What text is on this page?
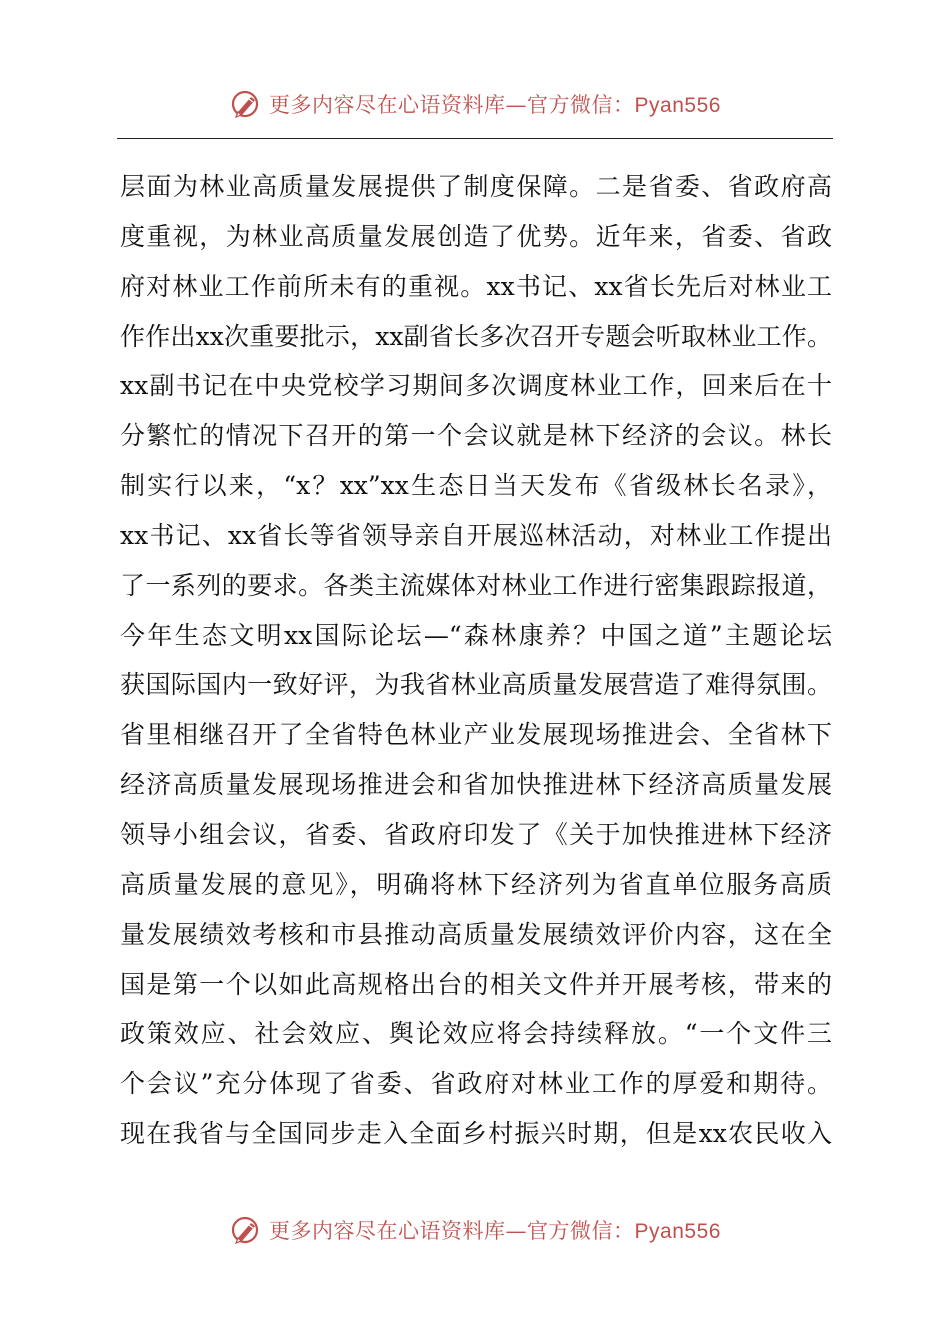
更多内容尽在心语资料库—官方微信：Pyan556
层面为林业高质量发展提供了制度保障。二是省委、省政府高
度重视，为林业高质量发展创造了优势。近年来，省委、省政
府对林业工作前所未有的重视。xx书记、xx省长先后对林业工
作作出xx次重要批示，xx副省长多次召开专题会听取林业工作。
xx副书记在中央党校学习期间多次调度林业工作，回来后在十
分繁忙的情况下召开的第一个会议就是林下经济的会议。林长
制实行以来，“x？xx”xx生态日当天发布《省级林长名录》，
xx书记、xx省长等省领导亲自开展巡林活动，对林业工作提出
了一系列的要求。各类主流媒体对林业工作进行密集跟踪报道，
今年生态文明xx国际论坛—“森林康养？中国之道”主题论坛
获国际国内一致好评，为我省林业高质量发展营造了难得氛围。
省里相继召开了全省特色林业产业发展现场推进会、全省林下
经济高质量发展现场推进会和省加快推进林下经济高质量发展
领导小组会议，省委、省政府印发了《关于加快推进林下经济
高质量发展的意见》，明确将林下经济列为省直单位服务高质
量发展绩效考核和市县推动高质量发展绩效评价内容，这在全
国是第一个以如此高规格出台的相关文件并开展考核，带来的
政策效应、社会效应、舆论效应将会持续释放。“一个文件三
个会议”充分体现了省委、省政府对林业工作的厚爱和期待。
现在我省与全国同步走入全面乡村振兴时期，但是xx农民收入
更多内容尽在心语资料库—官方微信：Pyan556
